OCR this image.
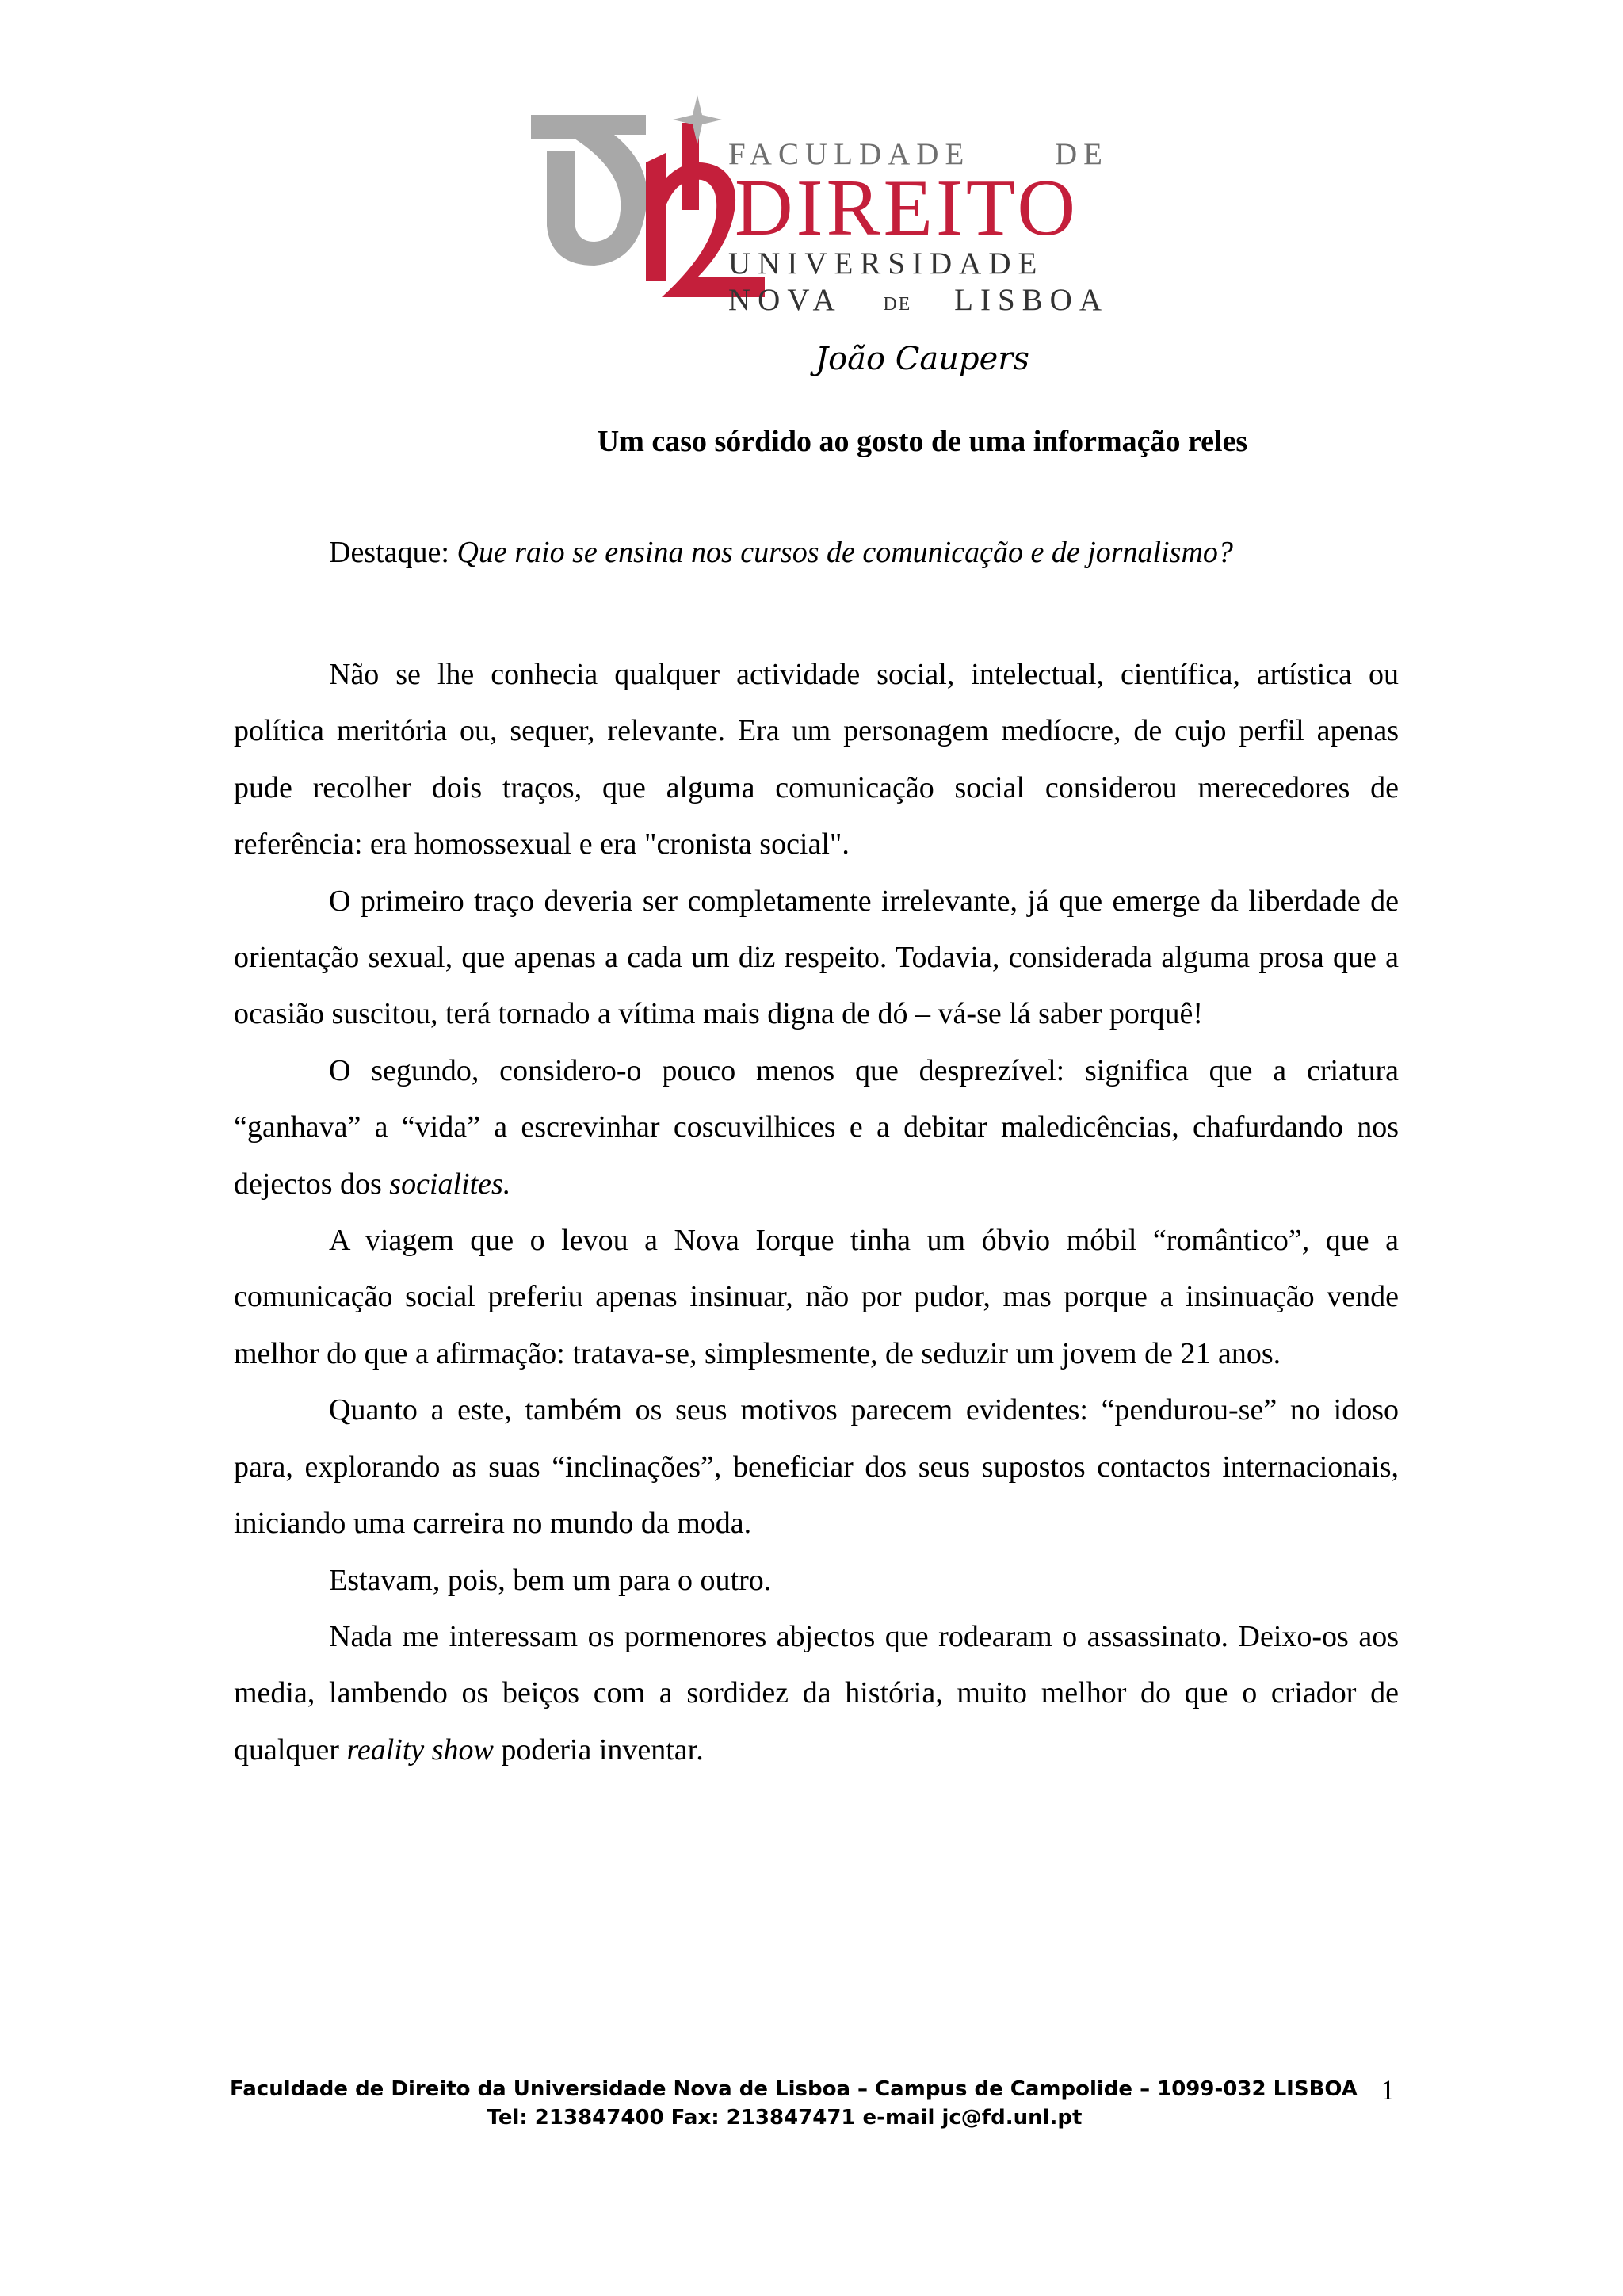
FACULDADE DE
DIREITO
UNIVERSIDADE
NOVA DE LISBOA
João Caupers
Um caso sórdido ao gosto de uma informação reles
Destaque: Que raio se ensina nos cursos de comunicação e de jornalismo?

Não se lhe conhecia qualquer actividade social, intelectual, científica, artística ou política meritória ou, sequer, relevante. Era um personagem medíocre, de cujo perfil apenas pude recolher dois traços, que alguma comunicação social considerou merecedores de referência: era homossexual e era "cronista social".

O primeiro traço deveria ser completamente irrelevante, já que emerge da liberdade de orientação sexual, que apenas a cada um diz respeito. Todavia, considerada alguma prosa que a ocasião suscitou, terá tornado a vítima mais digna de dó – vá-se lá saber porquê!

O segundo, considero-o pouco menos que desprezível: significa que a criatura “ganhava” a “vida” a escrevinhar coscuvilhices e a debitar maledicências, chafurdando nos dejectos dos socialites.

A viagem que o levou a Nova Iorque tinha um óbvio móbil “romântico”, que a comunicação social preferiu apenas insinuar, não por pudor, mas porque a insinuação vende melhor do que a afirmação: tratava-se, simplesmente, de seduzir um jovem de 21 anos.

Quanto a este, também os seus motivos parecem evidentes: “pendurou-se” no idoso para, explorando as suas “inclinações”, beneficiar dos seus supostos contactos internacionais, iniciando uma carreira no mundo da moda.

Estavam, pois, bem um para o outro.

Nada me interessam os pormenores abjectos que rodearam o assassinato. Deixo-os aos media, lambendo os beiços com a sordidez da história, muito melhor do que o criador de qualquer reality show poderia inventar.

Faculdade de Direito da Universidade Nova de Lisboa – Campus de Campolide – 1099-032 LISBOA
Tel: 213847400 Fax: 213847471 e-mail jc@fd.unl.pt
1
